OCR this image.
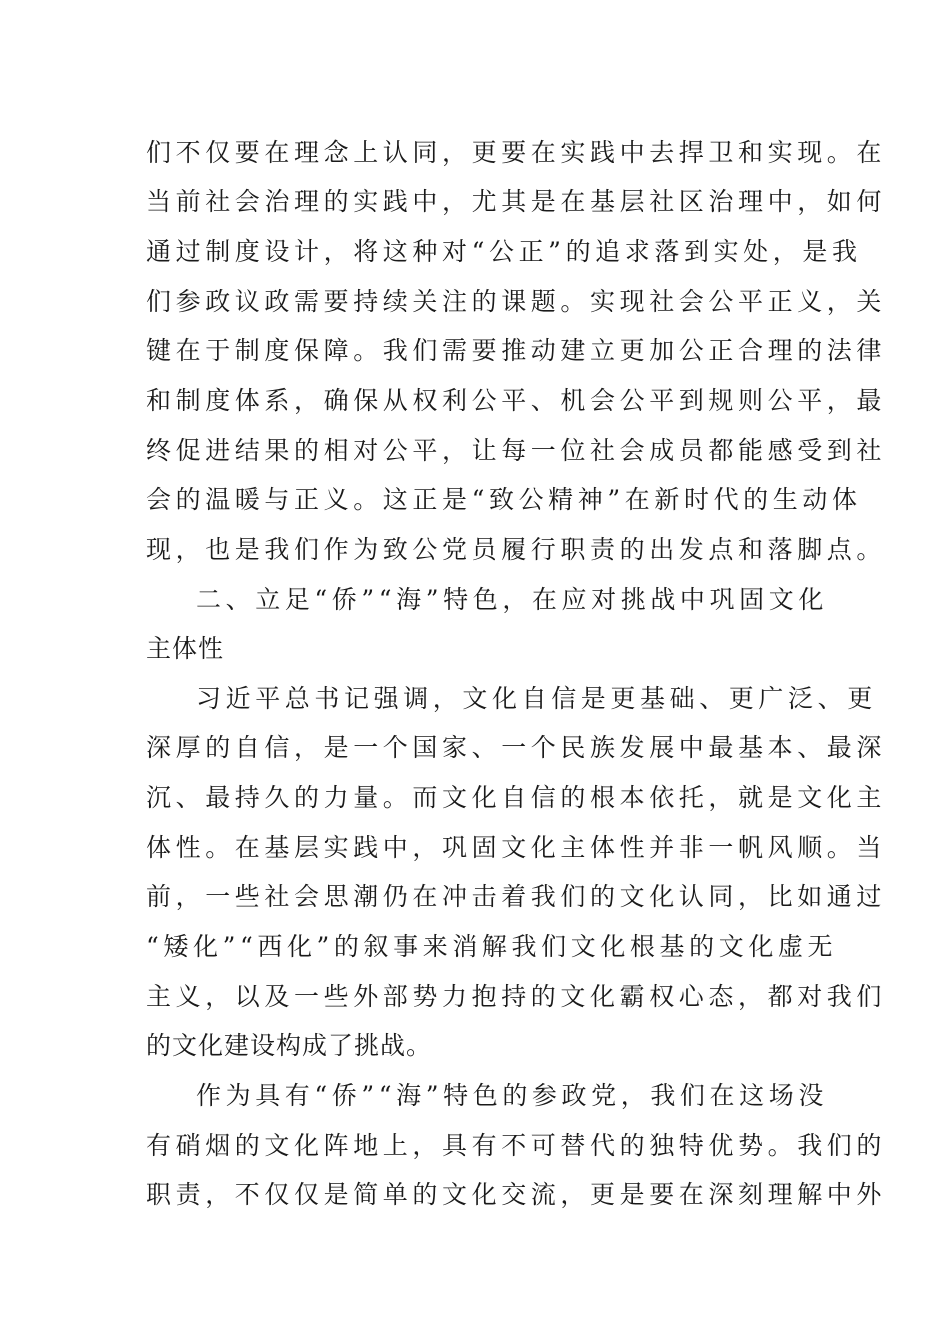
们不仅要在理念上认同，更要在实践中去捍卫和实现。在
当前社会治理的实践中，尤其是在基层社区治理中，如何
通过制度设计，将这种对“公正”的追求落到实处，是我
们参政议政需要持续关注的课题。实现社会公平正义，关
键在于制度保障。我们需要推动建立更加公正合理的法律
和制度体系，确保从权利公平、机会公平到规则公平，最
终促进结果的相对公平，让每一位社会成员都能感受到社
会的温暖与正义。这正是“致公精神”在新时代的生动体
现，也是我们作为致公党员履行职责的出发点和落脚点。
二、立足“侨”“海”特色，在应对挑战中巩固文化
主体性
习近平总书记强调，文化自信是更基础、更广泛、更
深厚的自信，是一个国家、一个民族发展中最基本、最深
沉、最持久的力量。而文化自信的根本依托，就是文化主
体性。在基层实践中，巩固文化主体性并非一帆风顺。当
前，一些社会思潮仍在冲击着我们的文化认同，比如通过
“矮化”“西化”的叙事来消解我们文化根基的文化虚无
主义，以及一些外部势力抱持的文化霸权心态，都对我们
的文化建设构成了挑战。
作为具有“侨”“海”特色的参政党，我们在这场没
有硝烟的文化阵地上，具有不可替代的独特优势。我们的
职责，不仅仅是简单的文化交流，更是要在深刻理解中外
